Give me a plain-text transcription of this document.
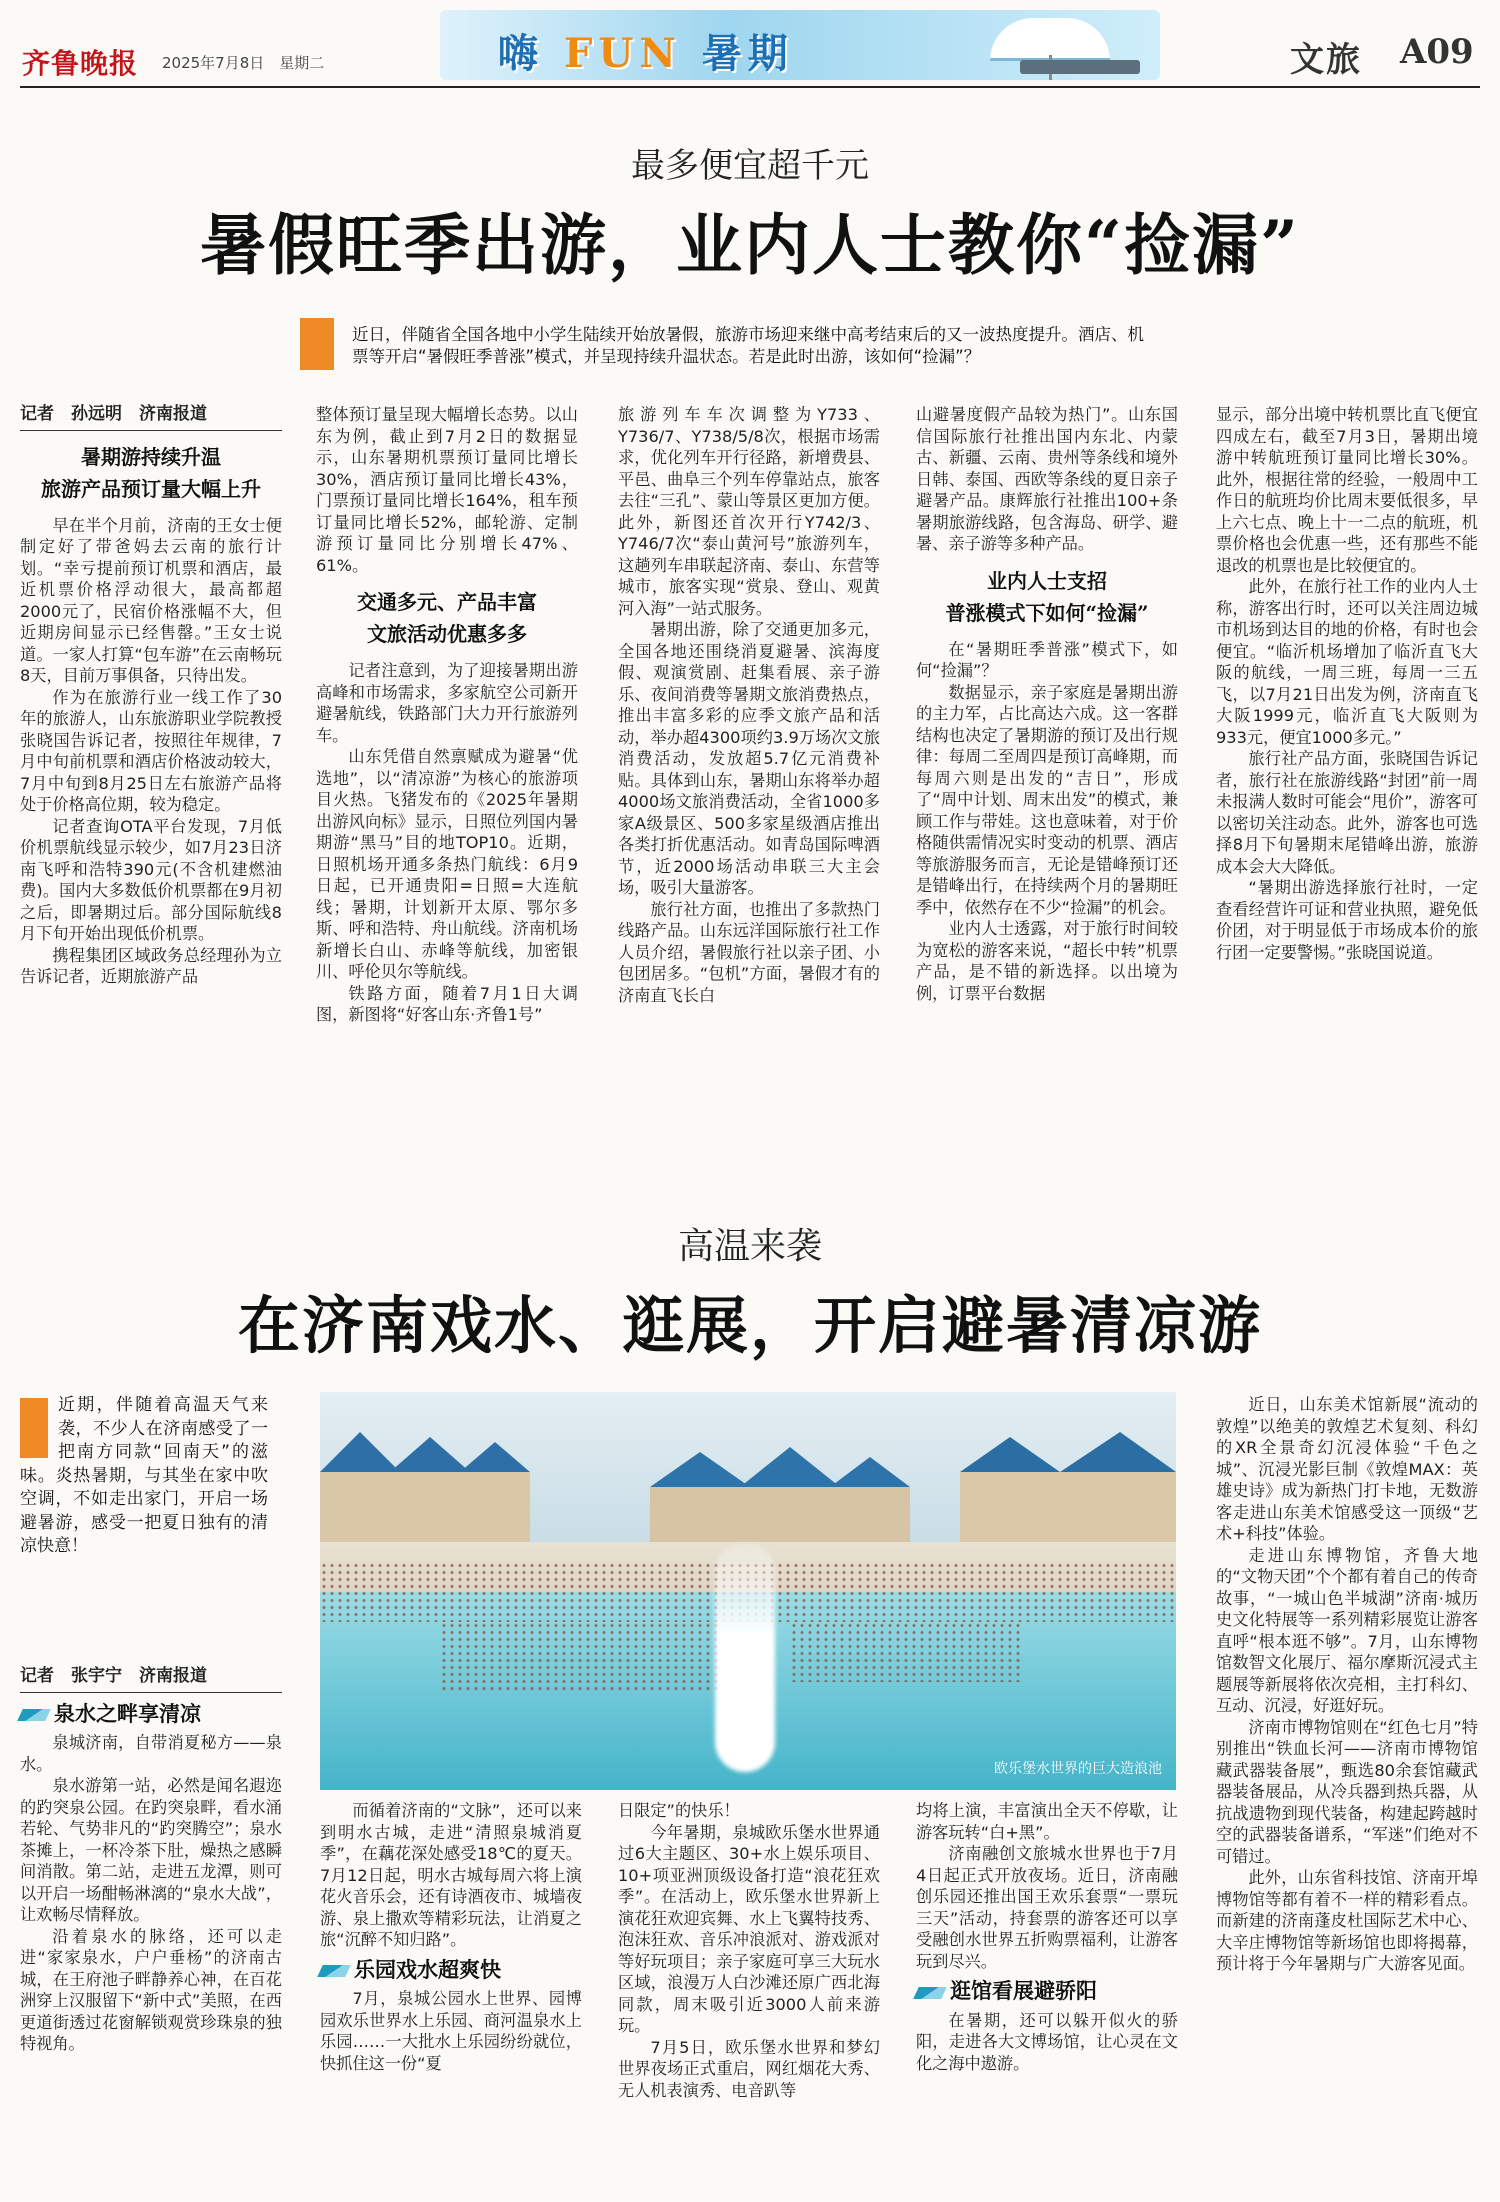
齐鲁晚报 2025年7月8日　星期二	嗨 FUN 暑期	文旅 A09
最多便宜超千元
暑假旺季出游，业内人士教你“捡漏”
近日，伴随省全国各地中小学生陆续开始放暑假，旅游市场迎来继中高考结束后的又一波热度提升。酒店、机票等开启“暑假旺季普涨”模式，并呈现持续升温状态。若是此时出游，该如何“捡漏”？
记者　孙远明　济南报道
暑期游持续升温
旅游产品预订量大幅上升

早在半个月前，济南的王女士便制定好了带爸妈去云南的旅行计划。“幸亏提前预订机票和酒店，最近机票价格浮动很大，最高都超2000元了，民宿价格涨幅不大，但近期房间显示已经售罄。”王女士说道。一家人打算“包车游”在云南畅玩8天，目前万事俱备，只待出发。

作为在旅游行业一线工作了30年的旅游人，山东旅游职业学院教授张晓国告诉记者，按照往年规律，7月中旬前机票和酒店价格波动较大，7月中旬到8月25日左右旅游产品将处于价格高位期，较为稳定。

记者查询OTA平台发现，7月低价机票航线显示较少，如7月23日济南飞呼和浩特390元(不含机建燃油费)。国内大多数低价机票都在9月初之后，即暑期过后。部分国际航线8月下旬开始出现低价机票。

携程集团区域政务总经理孙为立告诉记者，近期旅游产品

整体预订量呈现大幅增长态势。以山东为例，截止到7月2日的数据显示，山东暑期机票预订量同比增长30%，酒店预订量同比增长43%，门票预订量同比增长164%，租车预订量同比增长52%，邮轮游、定制游预订量同比分别增长47%、61%。

交通多元、产品丰富
文旅活动优惠多多

记者注意到，为了迎接暑期出游高峰和市场需求，多家航空公司新开避暑航线，铁路部门大力开行旅游列车。

山东凭借自然禀赋成为避暑“优选地”，以“清凉游”为核心的旅游项目火热。飞猪发布的《2025年暑期出游风向标》显示，日照位列国内暑期游“黑马”目的地TOP10。近期，日照机场开通多条热门航线：6月9日起，已开通贵阳=日照=大连航线；暑期，计划新开太原、鄂尔多斯、呼和浩特、舟山航线。济南机场新增长白山、赤峰等航线，加密银川、呼伦贝尔等航线。

铁路方面，随着7月1日大调图，新图将“好客山东·齐鲁1号”

旅游列车车次调整为Y733、Y736/7、Y738/5/8次，根据市场需求，优化列车开行径路，新增费县、平邑、曲阜三个列车停靠站点，旅客去往“三孔”、蒙山等景区更加方便。此外，新图还首次开行Y742/3、Y746/7次“泰山黄河号”旅游列车，这趟列车串联起济南、泰山、东营等城市，旅客实现“赏泉、登山、观黄河入海”一站式服务。

暑期出游，除了交通更加多元，全国各地还围绕消夏避暑、滨海度假、观演赏剧、赶集看展、亲子游乐、夜间消费等暑期文旅消费热点，推出丰富多彩的应季文旅产品和活动，举办超4300项约3.9万场次文旅消费活动，发放超5.7亿元消费补贴。具体到山东，暑期山东将举办超4000场文旅消费活动，全省1000多家A级景区、500多家星级酒店推出各类打折优惠活动。如青岛国际啤酒节，近2000场活动串联三大主会场，吸引大量游客。

旅行社方面，也推出了多款热门线路产品。山东远洋国际旅行社工作人员介绍，暑假旅行社以亲子团、小包团居多。“包机”方面，暑假才有的济南直飞长白

山避暑度假产品较为热门”。山东国信国际旅行社推出国内东北、内蒙古、新疆、云南、贵州等条线和境外日韩、泰国、西欧等条线的夏日亲子避暑产品。康辉旅行社推出100+条暑期旅游线路，包含海岛、研学、避暑、亲子游等多种产品。

业内人士支招
普涨模式下如何“捡漏”

在“暑期旺季普涨”模式下，如何“捡漏”？

数据显示，亲子家庭是暑期出游的主力军，占比高达六成。这一客群结构也决定了暑期游的预订及出行规律：每周二至周四是预订高峰期，而每周六则是出发的“吉日”，形成了“周中计划、周末出发”的模式，兼顾工作与带娃。这也意味着，对于价格随供需情况实时变动的机票、酒店等旅游服务而言，无论是错峰预订还是错峰出行，在持续两个月的暑期旺季中，依然存在不少“捡漏”的机会。

业内人士透露，对于旅行时间较为宽松的游客来说，“超长中转”机票产品，是不错的新选择。以出境为例，订票平台数据

显示，部分出境中转机票比直飞便宜四成左右，截至7月3日，暑期出境游中转航班预订量同比增长30%。此外，根据往常的经验，一般周中工作日的航班均价比周末要低很多，早上六七点、晚上十一二点的航班，机票价格也会优惠一些，还有那些不能退改的机票也是比较便宜的。

此外，在旅行社工作的业内人士称，游客出行时，还可以关注周边城市机场到达目的地的价格，有时也会便宜。“临沂机场增加了临沂直飞大阪的航线，一周三班，每周一三五飞，以7月21日出发为例，济南直飞大阪1999元，临沂直飞大阪则为933元，便宜1000多元。”

旅行社产品方面，张晓国告诉记者，旅行社在旅游线路“封团”前一周未报满人数时可能会“甩价”，游客可以密切关注动态。此外，游客也可选择8月下旬暑期末尾错峰出游，旅游成本会大大降低。

“暑期出游选择旅行社时，一定查看经营许可证和营业执照，避免低价团，对于明显低于市场成本价的旅行团一定要警惕。”张晓国说道。

高温来袭
在济南戏水、逛展，开启避暑清凉游
近期，伴随着高温天气来袭，不少人在济南感受了一把南方同款“回南天”的滋味。炎热暑期，与其坐在家中吹空调，不如走出家门，开启一场避暑游，感受一把夏日独有的清凉快意！
欧乐堡水世界的巨大造浪池
记者　张宇宁　济南报道
泉水之畔享清凉

泉城济南，自带消夏秘方——泉水。

泉水游第一站，必然是闻名遐迩的趵突泉公园。在趵突泉畔，看水涌若轮、气势非凡的“趵突腾空”；泉水茶摊上，一杯冷茶下肚，燥热之感瞬间消散。第二站，走进五龙潭，则可以开启一场酣畅淋漓的“泉水大战”，让欢畅尽情释放。

沿着泉水的脉络，还可以走进“家家泉水，户户垂杨”的济南古城，在王府池子畔静养心神，在百花洲穿上汉服留下“新中式”美照，在西更道街透过花窗解锁观赏珍珠泉的独特视角。

而循着济南的“文脉”，还可以来到明水古城，走进“清照泉城消夏季”，在藕花深处感受18℃的夏天。7月12日起，明水古城每周六将上演花火音乐会，还有诗酒夜市、城墙夜游、泉上撒欢等精彩玩法，让消夏之旅“沉醉不知归路”。

乐园戏水超爽快

7月，泉城公园水上世界、园博园欢乐世界水上乐园、商河温泉水上乐园……一大批水上乐园纷纷就位，快抓住这一份“夏

日限定”的快乐！

今年暑期，泉城欧乐堡水世界通过6大主题区、30+水上娱乐项目、10+项亚洲顶级设备打造“浪花狂欢季”。在活动上，欧乐堡水世界新上演花狂欢迎宾舞、水上飞翼特技秀、泡沫狂欢、音乐冲浪派对、游戏派对等好玩项目；亲子家庭可享三大玩水区域，浪漫万人白沙滩还原广西北海同款，周末吸引近3000人前来游玩。

7月5日，欧乐堡水世界和梦幻世界夜场正式重启，网红烟花大秀、无人机表演秀、电音趴等

均将上演，丰富演出全天不停歇，让游客玩转“白+黑”。

济南融创文旅城水世界也于7月4日起正式开放夜场。近日，济南融创乐园还推出国王欢乐套票“一票玩三天”活动，持套票的游客还可以享受融创水世界五折购票福利，让游客玩到尽兴。

逛馆看展避骄阳

在暑期，还可以躲开似火的骄阳，走进各大文博场馆，让心灵在文化之海中遨游。

近日，山东美术馆新展“流动的敦煌”以绝美的敦煌艺术复刻、科幻的XR全景奇幻沉浸体验“千色之城”、沉浸光影巨制《敦煌MAX：英雄史诗》成为新热门打卡地，无数游客走进山东美术馆感受这一顶级“艺术+科技”体验。

走进山东博物馆，齐鲁大地的“文物天团”个个都有着自己的传奇故事，“一城山色半城湖”济南·城历史文化特展等一系列精彩展览让游客直呼“根本逛不够”。7月，山东博物馆数智文化展厅、福尔摩斯沉浸式主题展等新展将依次亮相，主打科幻、互动、沉浸，好逛好玩。

济南市博物馆则在“红色七月”特别推出“铁血长河——济南市博物馆藏武器装备展”，甄选80余套馆藏武器装备展品，从冷兵器到热兵器，从抗战遗物到现代装备，构建起跨越时空的武器装备谱系，“军迷”们绝对不可错过。

此外，山东省科技馆、济南开埠博物馆等都有着不一样的精彩看点。而新建的济南蓬皮杜国际艺术中心、大辛庄博物馆等新场馆也即将揭幕，预计将于今年暑期与广大游客见面。
